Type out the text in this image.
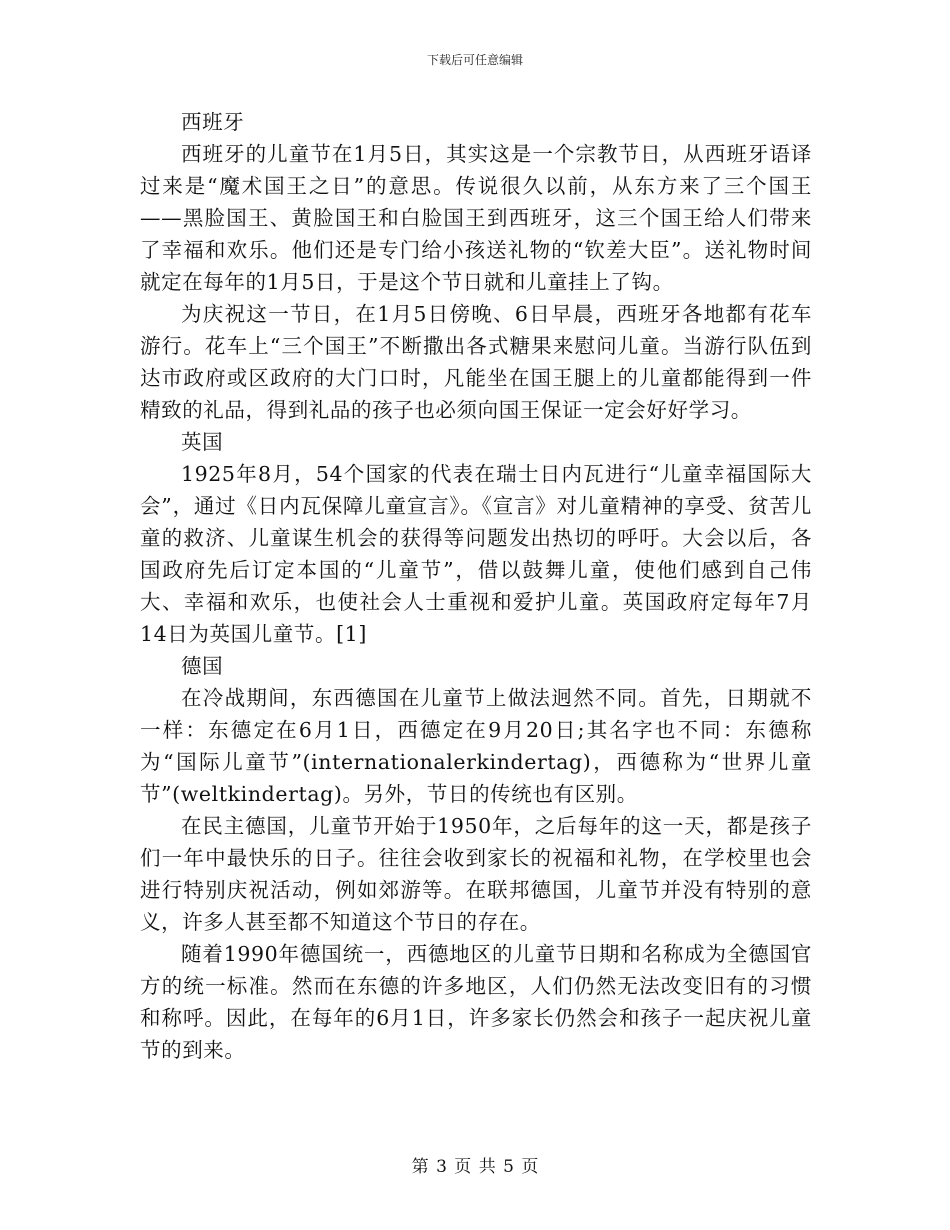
下载后可任意编辑

西班牙

西班牙的儿童节在1月5日，其实这是一个宗教节日，从西班牙语译过来是“魔术国王之日”的意思。传说很久以前，从东方来了三个国王——黑脸国王、黄脸国王和白脸国王到西班牙，这三个国王给人们带来了幸福和欢乐。他们还是专门给小孩送礼物的“钦差大臣”。送礼物时间就定在每年的1月5日，于是这个节日就和儿童挂上了钩。

为庆祝这一节日，在1月5日傍晚、6日早晨，西班牙各地都有花车游行。花车上“三个国王”不断撒出各式糖果来慰问儿童。当游行队伍到达市政府或区政府的大门口时，凡能坐在国王腿上的儿童都能得到一件精致的礼品，得到礼品的孩子也必须向国王保证一定会好好学习。

英国

1925年8月，54个国家的代表在瑞士日内瓦进行“儿童幸福国际大会”，通过《日内瓦保障儿童宣言》。《宣言》对儿童精神的享受、贫苦儿童的救济、儿童谋生机会的获得等问题发出热切的呼吁。大会以后，各国政府先后订定本国的“儿童节”，借以鼓舞儿童，使他们感到自己伟大、幸福和欢乐，也使社会人士重视和爱护儿童。英国政府定每年7月14日为英国儿童节。[1]

德国

在冷战期间，东西德国在儿童节上做法迥然不同。首先，日期就不一样：东德定在6月1日，西德定在9月20日;其名字也不同：东德称为“国际儿童节”(internationalerkindertag)，西德称为“世界儿童节”(weltkindertag)。另外，节日的传统也有区别。

在民主德国，儿童节开始于1950年，之后每年的这一天，都是孩子们一年中最快乐的日子。往往会收到家长的祝福和礼物，在学校里也会进行特别庆祝活动，例如郊游等。在联邦德国，儿童节并没有特别的意义，许多人甚至都不知道这个节日的存在。

随着1990年德国统一，西德地区的儿童节日期和名称成为全德国官方的统一标准。然而在东德的许多地区，人们仍然无法改变旧有的习惯和称呼。因此，在每年的6月1日，许多家长仍然会和孩子一起庆祝儿童节的到来。

第 3 页 共 5 页
